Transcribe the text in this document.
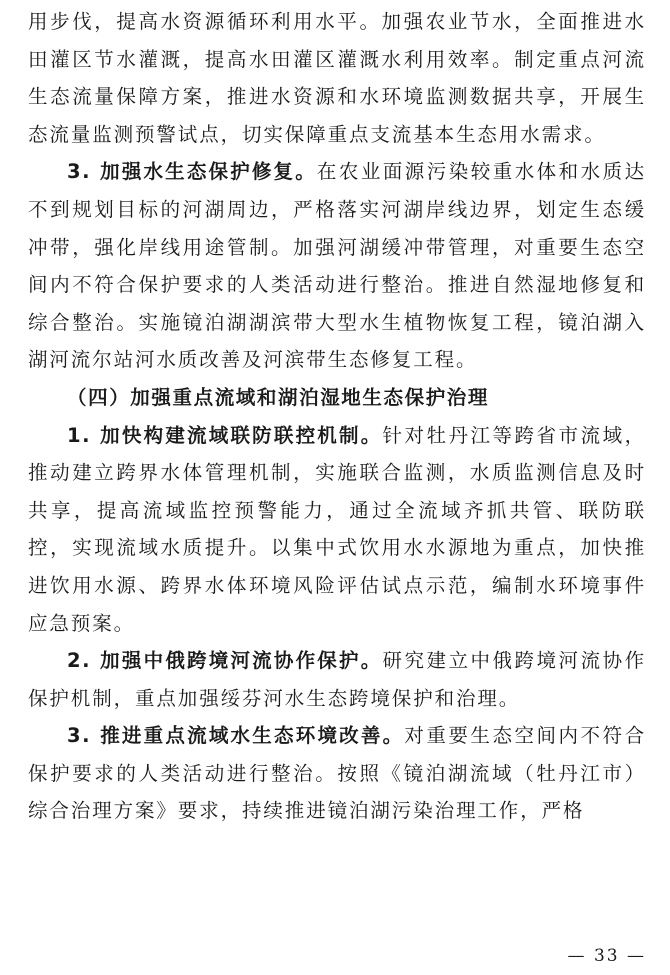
用步伐，提高水资源循环利用水平。加强农业节水，全面推进水田灌区节水灌溉，提高水田灌区灌溉水利用效率。制定重点河流生态流量保障方案，推进水资源和水环境监测数据共享，开展生态流量监测预警试点，切实保障重点支流基本生态用水需求。

3. 加强水生态保护修复。在农业面源污染较重水体和水质达不到规划目标的河湖周边，严格落实河湖岸线边界，划定生态缓冲带，强化岸线用途管制。加强河湖缓冲带管理，对重要生态空间内不符合保护要求的人类活动进行整治。推进自然湿地修复和综合整治。实施镜泊湖湖滨带大型水生植物恢复工程，镜泊湖入湖河流尔站河水质改善及河滨带生态修复工程。

（四）加强重点流域和湖泊湿地生态保护治理

1. 加快构建流域联防联控机制。针对牡丹江等跨省市流域，推动建立跨界水体管理机制，实施联合监测，水质监测信息及时共享，提高流域监控预警能力，通过全流域齐抓共管、联防联控，实现流域水质提升。以集中式饮用水水源地为重点，加快推进饮用水源、跨界水体环境风险评估试点示范，编制水环境事件应急预案。

2. 加强中俄跨境河流协作保护。研究建立中俄跨境河流协作保护机制，重点加强绥芬河水生态跨境保护和治理。

3. 推进重点流域水生态环境改善。对重要生态空间内不符合保护要求的人类活动进行整治。按照《镜泊湖流域（牡丹江市）综合治理方案》要求，持续推进镜泊湖污染治理工作，严格

— 33 —
